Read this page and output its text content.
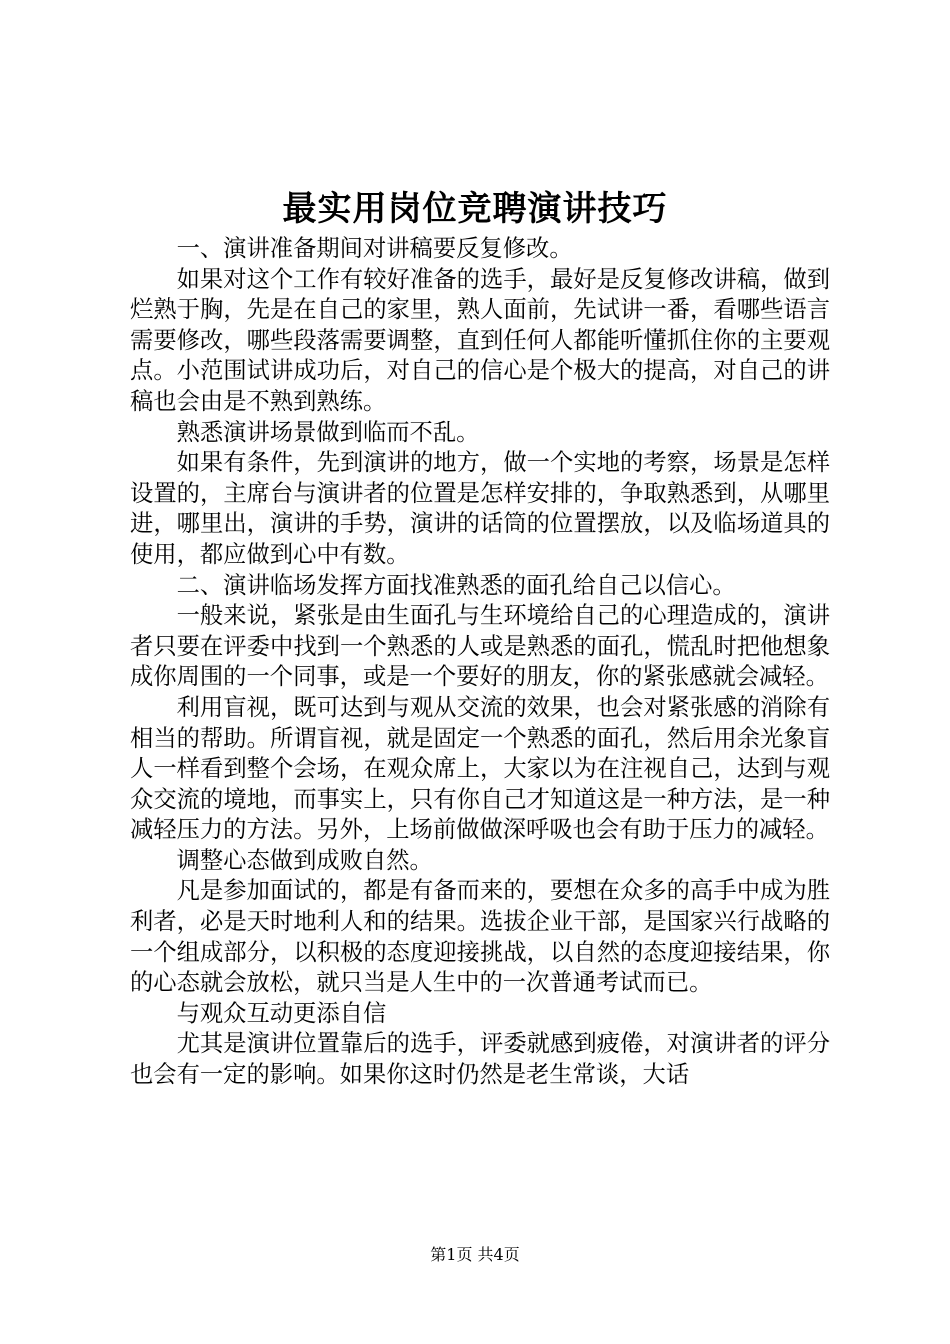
最实用岗位竞聘演讲技巧

一、演讲准备期间对讲稿要反复修改。

如果对这个工作有较好准备的选手，最好是反复修改讲稿，做到烂熟于胸，先是在自己的家里，熟人面前，先试讲一番，看哪些语言需要修改，哪些段落需要调整，直到任何人都能听懂抓住你的主要观点。小范围试讲成功后，对自己的信心是个极大的提高，对自己的讲稿也会由是不熟到熟练。

熟悉演讲场景做到临而不乱。

如果有条件，先到演讲的地方，做一个实地的考察，场景是怎样设置的，主席台与演讲者的位置是怎样安排的，争取熟悉到，从哪里进，哪里出，演讲的手势，演讲的话筒的位置摆放，以及临场道具的使用，都应做到心中有数。

二、演讲临场发挥方面找准熟悉的面孔给自己以信心。

一般来说，紧张是由生面孔与生环境给自己的心理造成的，演讲者只要在评委中找到一个熟悉的人或是熟悉的面孔，慌乱时把他想象成你周围的一个同事，或是一个要好的朋友，你的紧张感就会减轻。

利用盲视，既可达到与观从交流的效果，也会对紧张感的消除有相当的帮助。所谓盲视，就是固定一个熟悉的面孔，然后用余光象盲人一样看到整个会场，在观众席上，大家以为在注视自己，达到与观众交流的境地，而事实上，只有你自己才知道这是一种方法，是一种减轻压力的方法。另外，上场前做做深呼吸也会有助于压力的减轻。

调整心态做到成败自然。

凡是参加面试的，都是有备而来的，要想在众多的高手中成为胜利者，必是天时地利人和的结果。选拔企业干部，是国家兴行战略的一个组成部分，以积极的态度迎接挑战，以自然的态度迎接结果，你的心态就会放松，就只当是人生中的一次普通考试而已。

与观众互动更添自信

尤其是演讲位置靠后的选手，评委就感到疲倦，对演讲者的评分也会有一定的影响。如果你这时仍然是老生常谈，大话

第1页 共4页
